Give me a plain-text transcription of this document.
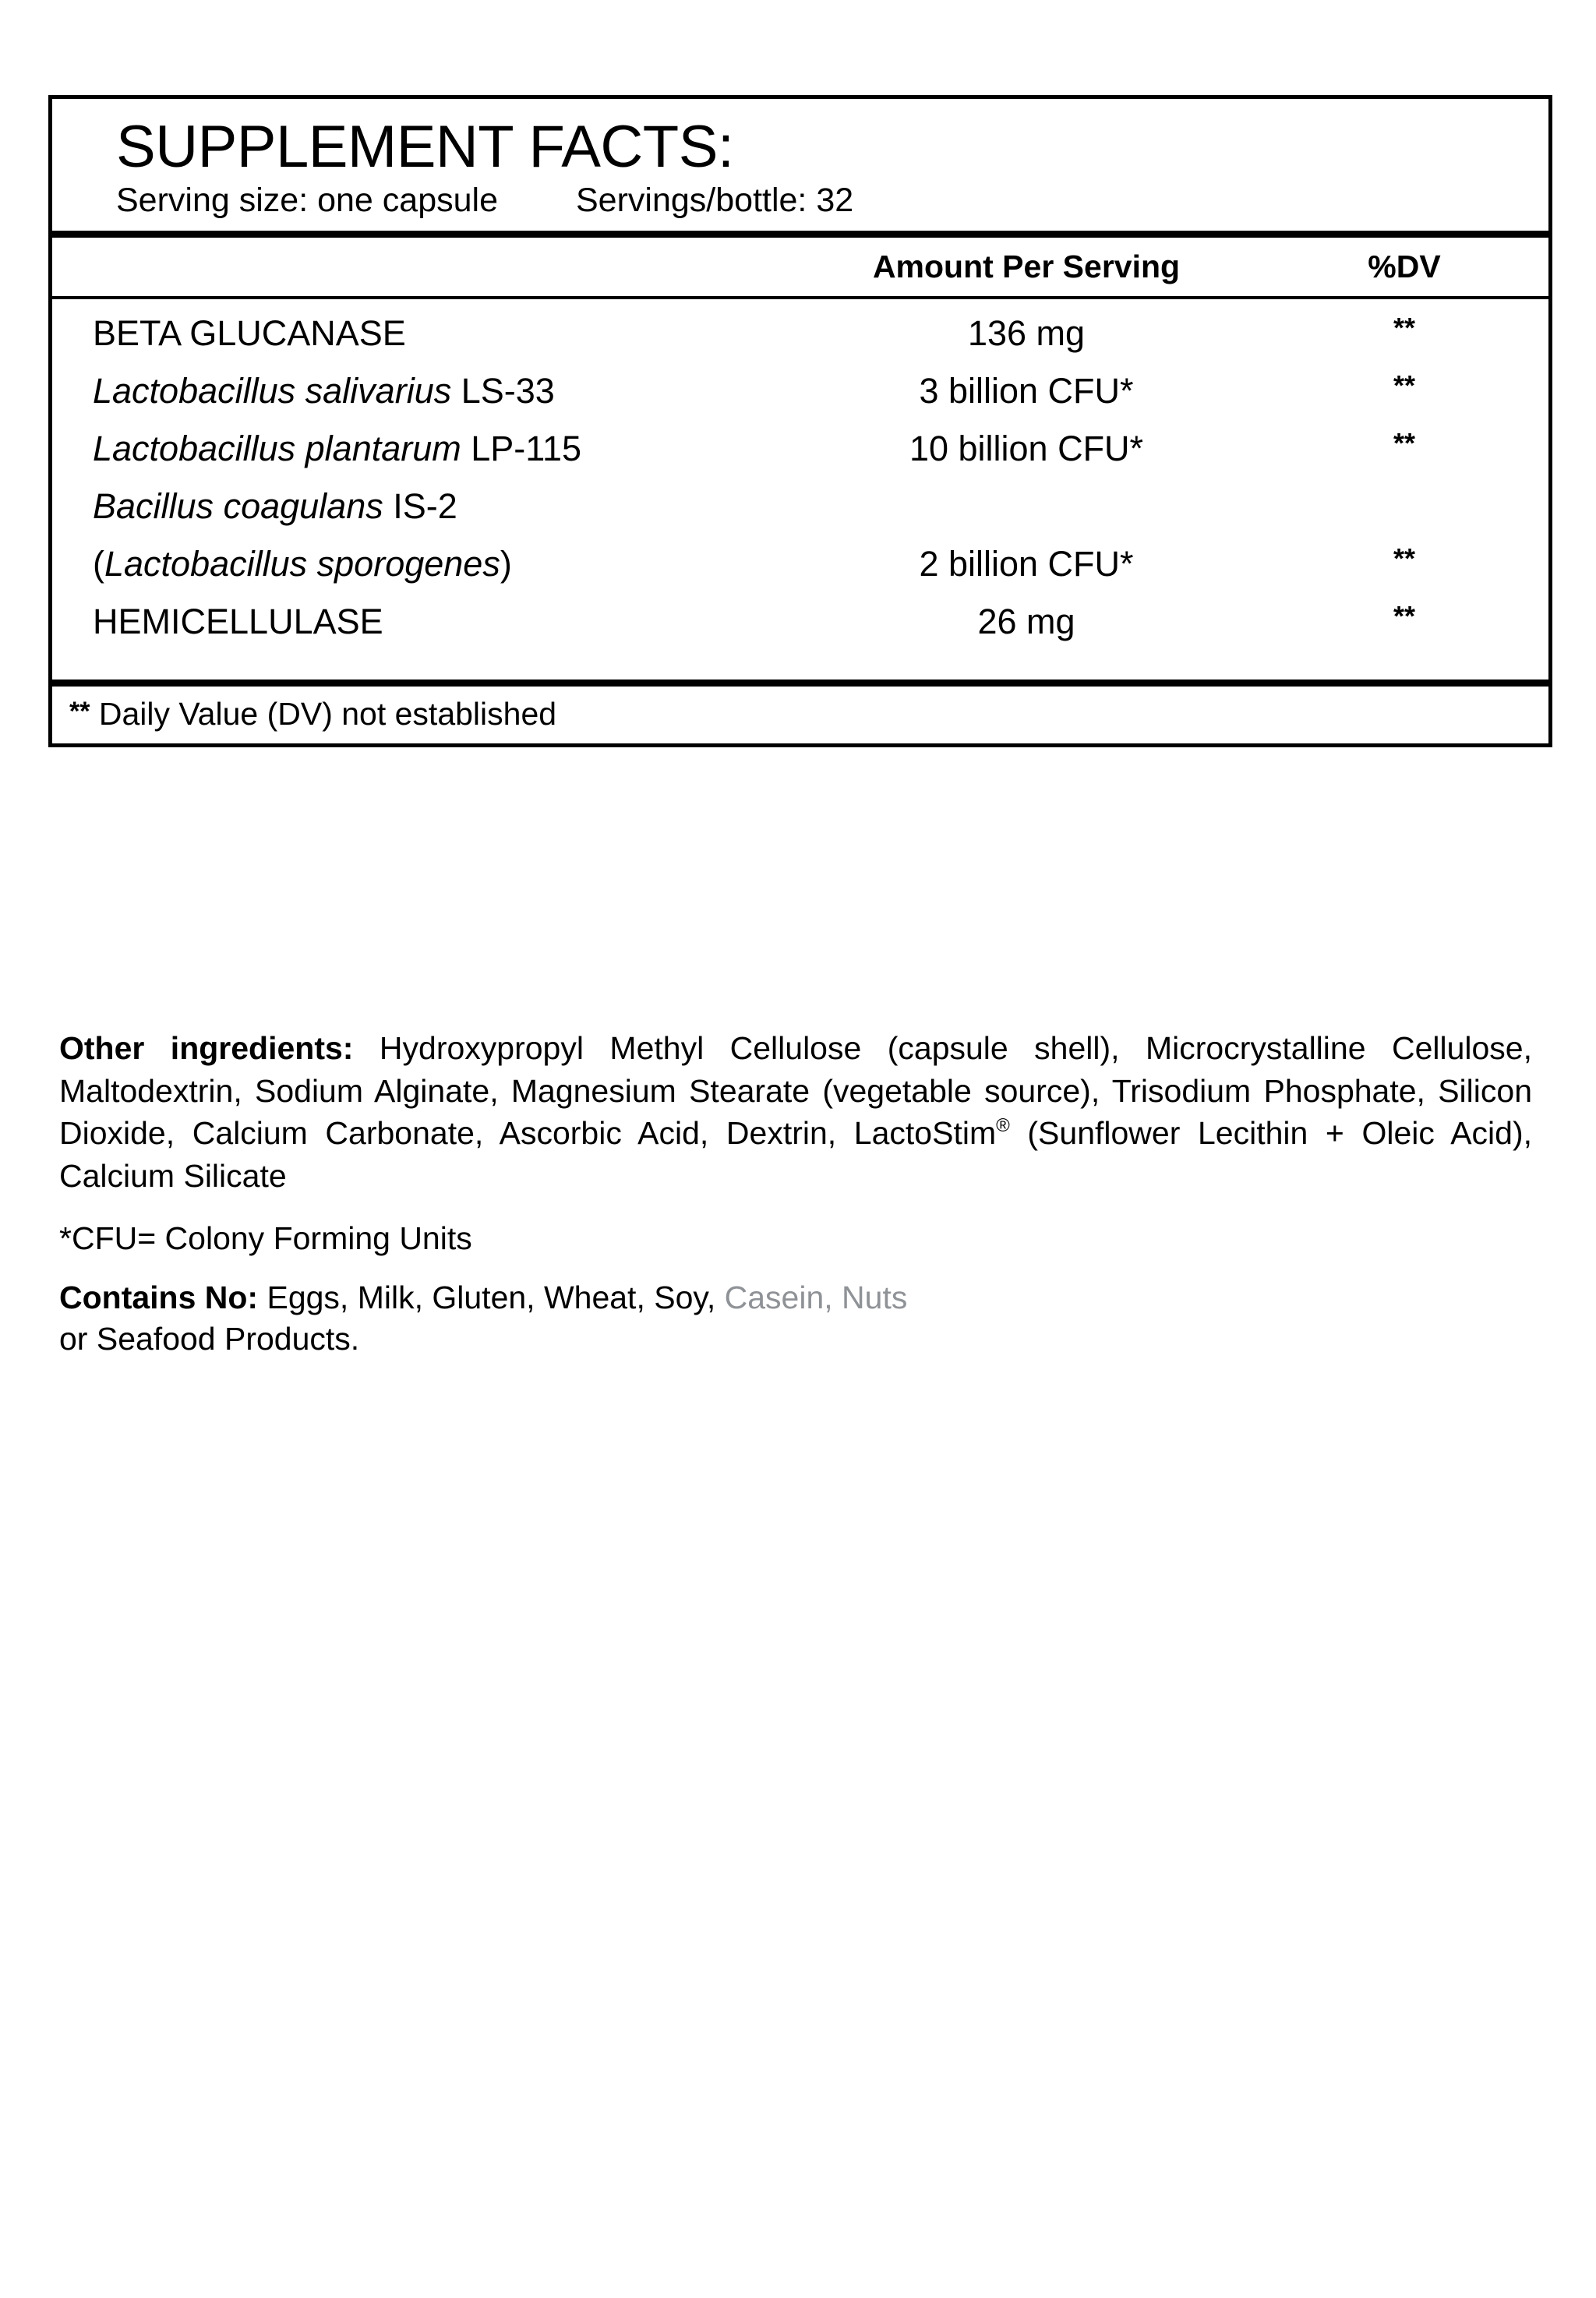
SUPPLEMENT FACTS:
Serving size: one capsule	Servings/bottle: 32
Amount Per Serving	%DV
BETA GLUCANASE	136 mg	**
Lactobacillus salivarius LS-33	3 billion CFU*	**
Lactobacillus plantarum LP-115	10 billion CFU*	**
Bacillus coagulans IS-2
(Lactobacillus sporogenes)	2 billion CFU*	**
HEMICELLULASE	26 mg	**
** Daily Value (DV) not established
Other ingredients: Hydroxypropyl Methyl Cellulose (capsule shell), Microcrystalline Cellulose, Maltodextrin, Sodium Alginate, Magnesium Stearate (vegetable source), Trisodium Phosphate, Silicon Dioxide, Calcium Carbonate, Ascorbic Acid, Dextrin, LactoStim® (Sunflower Lecithin + Oleic Acid), Calcium Silicate
*CFU= Colony Forming Units
Contains No: Eggs, Milk, Gluten, Wheat, Soy, Casein, Nuts
or Seafood Products.
